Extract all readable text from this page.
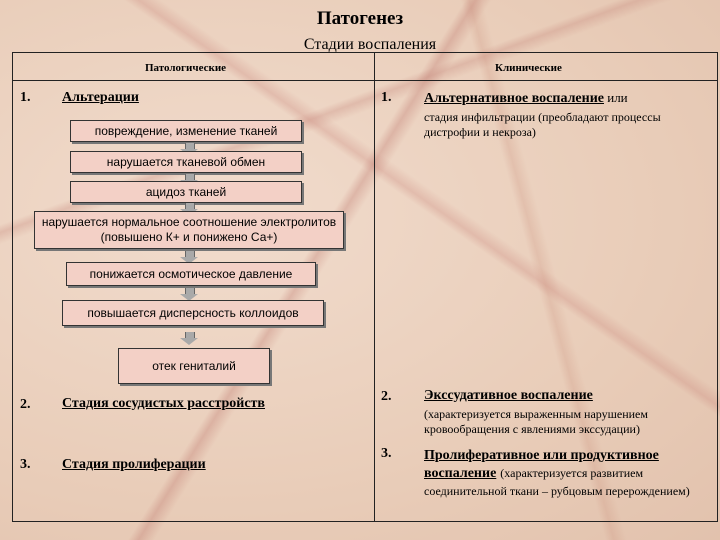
Патогенез
Стадии воспаления
Патологические	Клинические
1. Альтерации
2. Стадия сосудистых расстройств
3. Стадия пролиферации
повреждение, изменение тканей
нарушается тканевой обмен
ацидоз тканей
нарушается нормальное соотношение электролитов (повышено К+ и понижено Са+)
понижается осмотическое давление
повышается дисперсность коллоидов
отек гениталий
1. Альтернативное воспаление или
стадия инфильтрации (преобладают процессы дистрофии и некроза)
2. Экссудативное воспаление
(характеризуется выраженным нарушением кровообращения с явлениями экссудации)
3. Пролиферативное или продуктивное воспаление (характеризуется развитием соединительной ткани – рубцовым перерождением)
